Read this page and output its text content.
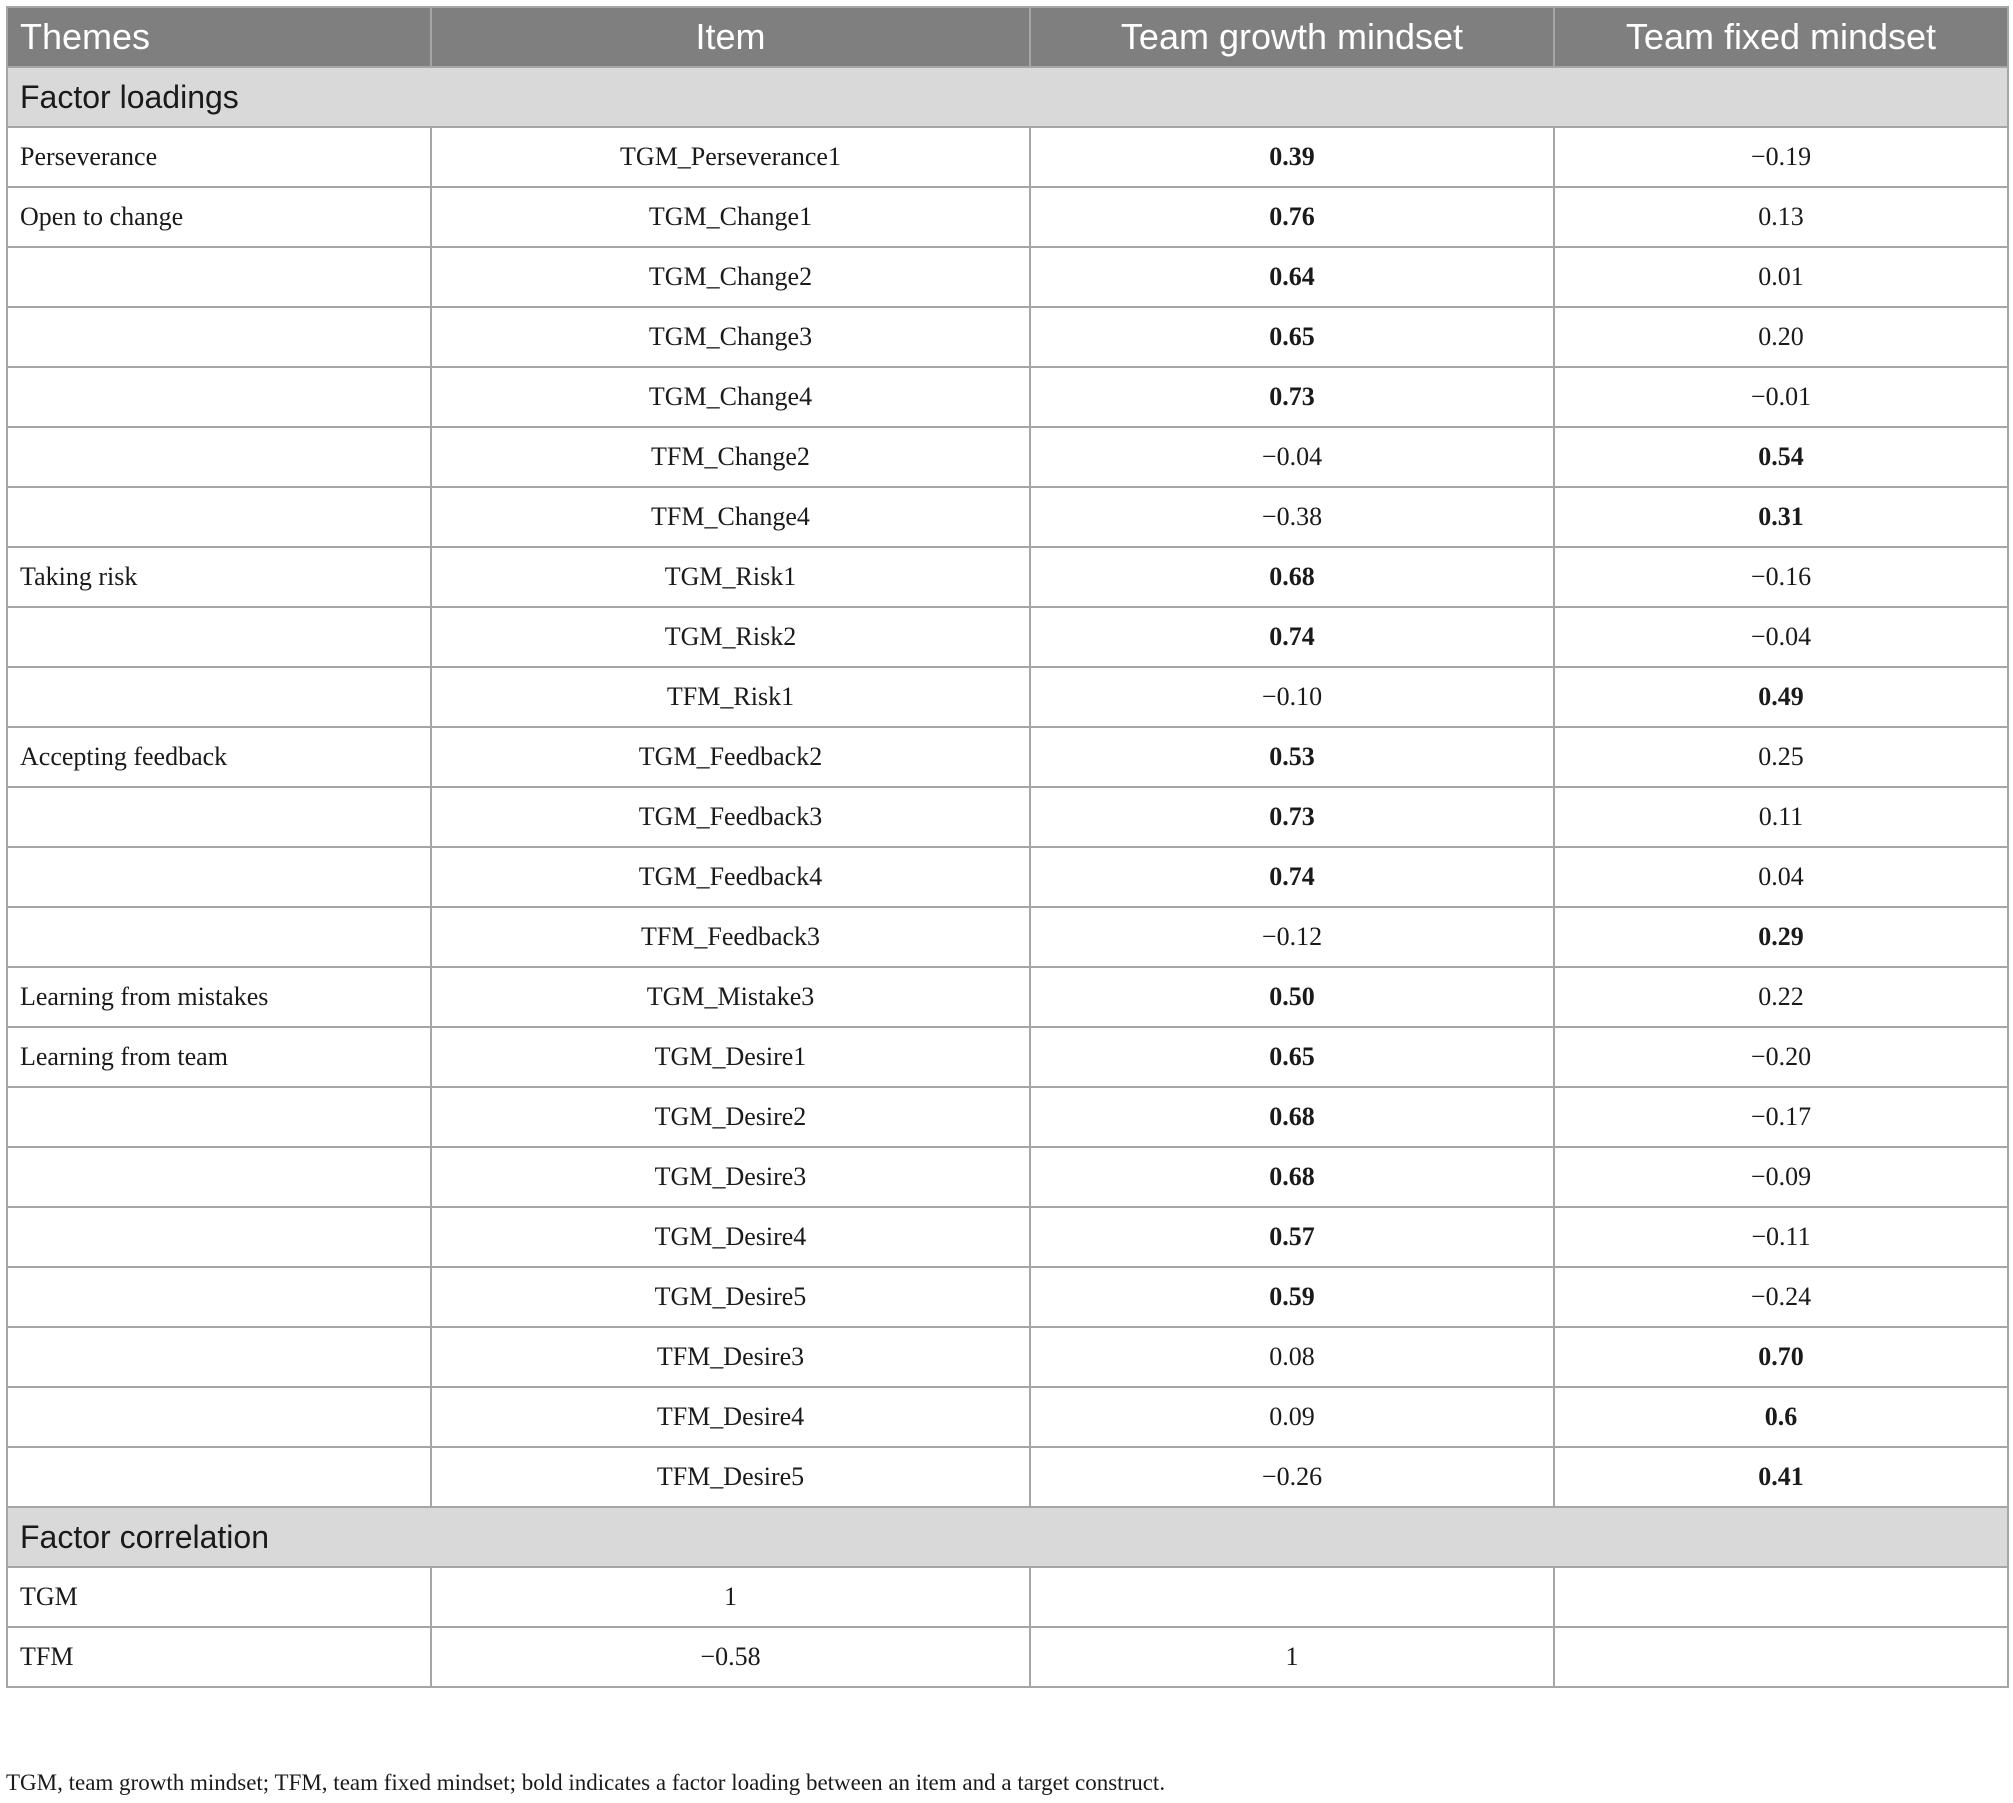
Themes	Item	Team growth mindset	Team fixed mindset
Factor loadings			
Perseverance	TGM_Perseverance1	0.39	−0.19
Open to change	TGM_Change1	0.76	0.13
	TGM_Change2	0.64	0.01
	TGM_Change3	0.65	0.20
	TGM_Change4	0.73	−0.01
	TFM_Change2	−0.04	0.54
	TFM_Change4	−0.38	0.31
Taking risk	TGM_Risk1	0.68	−0.16
	TGM_Risk2	0.74	−0.04
	TFM_Risk1	−0.10	0.49
Accepting feedback	TGM_Feedback2	0.53	0.25
	TGM_Feedback3	0.73	0.11
	TGM_Feedback4	0.74	0.04
	TFM_Feedback3	−0.12	0.29
Learning from mistakes	TGM_Mistake3	0.50	0.22
Learning from team	TGM_Desire1	0.65	−0.20
	TGM_Desire2	0.68	−0.17
	TGM_Desire3	0.68	−0.09
	TGM_Desire4	0.57	−0.11
	TGM_Desire5	0.59	−0.24
	TFM_Desire3	0.08	0.70
	TFM_Desire4	0.09	0.6
	TFM_Desire5	−0.26	0.41
Factor correlation			
TGM	1		
TFM	−0.58	1	
TGM, team growth mindset; TFM, team fixed mindset; bold indicates a factor loading between an item and a target construct.
